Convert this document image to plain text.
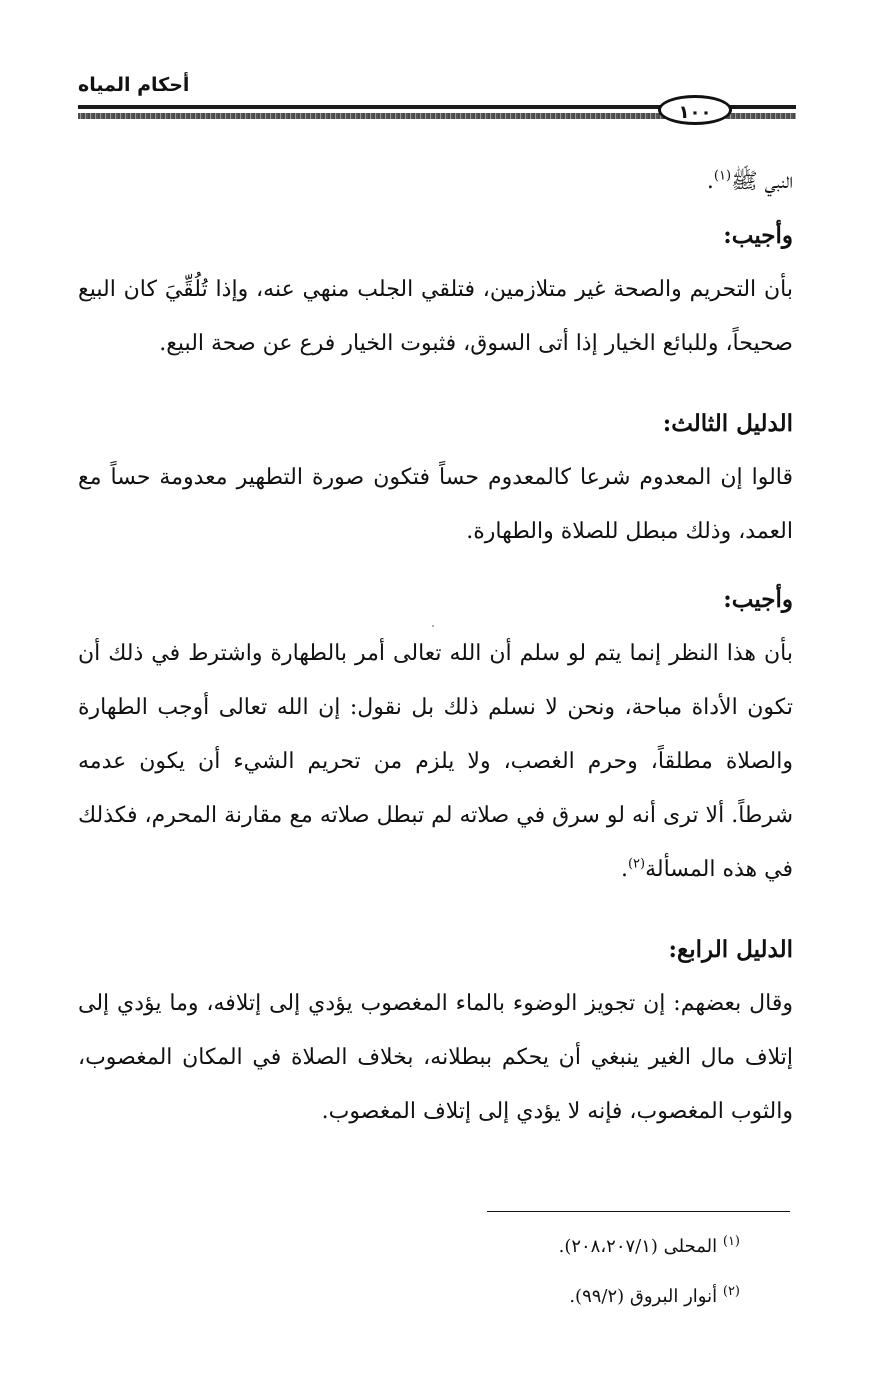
أحكام المياه
١٠٠

النبي ﷺ$^{(١)}$.

وأجيب:

بأن التحريم والصحة غير متلازمين، فتلقي الجلب منهي عنه، وإذا تُلُقِّيَ كان البيع صحيحاً، وللبائع الخيار إذا أتى السوق، فثبوت الخيار فرع عن صحة البيع.

الدليل الثالث:

قالوا إن المعدوم شرعا كالمعدوم حساً فتكون صورة التطهير معدومة حساً مع العمد، وذلك مبطل للصلاة والطهارة.

وأجيب:

بأن هذا النظر إنما يتم لو سلم أن الله تعالى أمر بالطهارة واشترط في ذلك أن تكون الأداة مباحة، ونحن لا نسلم ذلك بل نقول: إن الله تعالى أوجب الطهارة والصلاة مطلقاً، وحرم الغصب، ولا يلزم من تحريم الشيء أن يكون عدمه شرطاً. ألا ترى أنه لو سرق في صلاته لم تبطل صلاته مع مقارنة المحرم، فكذلك في هذه المسألة$^{(٢)}$.

الدليل الرابع:

وقال بعضهم: إن تجويز الوضوء بالماء المغصوب يؤدي إلى إتلافه، وما يؤدي إلى إتلاف مال الغير ينبغي أن يحكم ببطلانه، بخلاف الصلاة في المكان المغصوب، والثوب المغصوب، فإنه لا يؤدي إلى إتلاف المغصوب.

$^{(١)}$ المحلى (٢٠٨،٢٠٧/١).

$^{(٢)}$ أنوار البروق (٩٩/٢).
